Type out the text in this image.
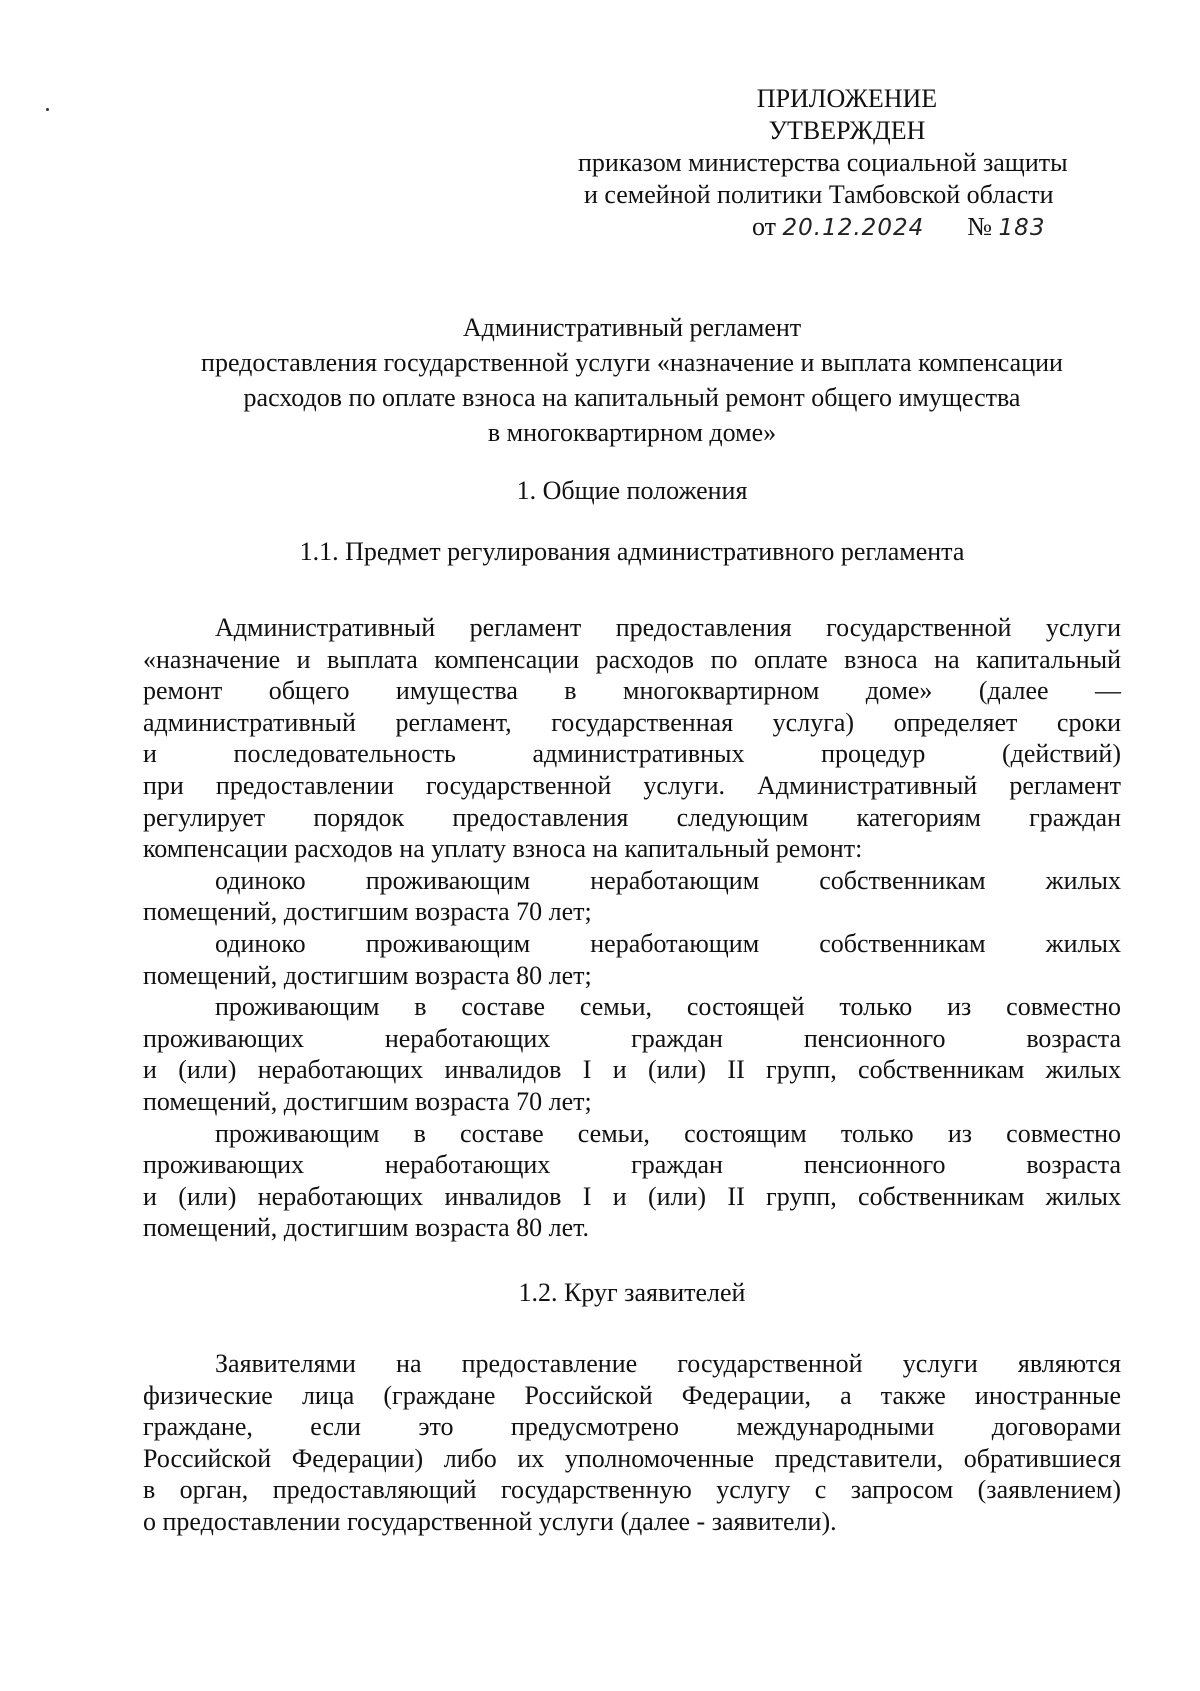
ПРИЛОЖЕНИЕ
УТВЕРЖДЕН
приказом министерства социальной защиты
и семейной политики Тамбовской области
от 20.12.2024 № 183
Административный регламент
предоставления государственной услуги «назначение и выплата компенсации
расходов по оплате взноса на капитальный ремонт общего имущества
в многоквартирном доме»
1. Общие положения
1.1. Предмет регулирования административного регламента
Административный регламент предоставления государственной услуги
«назначение и выплата компенсации расходов по оплате взноса на капитальный
ремонт общего имущества в многоквартирном доме» (далее —
административный регламент, государственная услуга) определяет сроки
и последовательность административных процедур (действий)
при предоставлении государственной услуги. Административный регламент
регулирует порядок предоставления следующим категориям граждан
компенсации расходов на уплату взноса на капитальный ремонт:
одиноко проживающим неработающим собственникам жилых
помещений, достигшим возраста 70 лет;
одиноко проживающим неработающим собственникам жилых
помещений, достигшим возраста 80 лет;
проживающим в составе семьи, состоящей только из совместно
проживающих неработающих граждан пенсионного возраста
и (или) неработающих инвалидов I и (или) II групп, собственникам жилых
помещений, достигшим возраста 70 лет;
проживающим в составе семьи, состоящим только из совместно
проживающих неработающих граждан пенсионного возраста
и (или) неработающих инвалидов I и (или) II групп, собственникам жилых
помещений, достигшим возраста 80 лет.
1.2. Круг заявителей
Заявителями на предоставление государственной услуги являются
физические лица (граждане Российской Федерации, а также иностранные
граждане, если это предусмотрено международными договорами
Российской Федерации) либо их уполномоченные представители, обратившиеся
в орган, предоставляющий государственную услугу с запросом (заявлением)
о предоставлении государственной услуги (далее - заявители).
